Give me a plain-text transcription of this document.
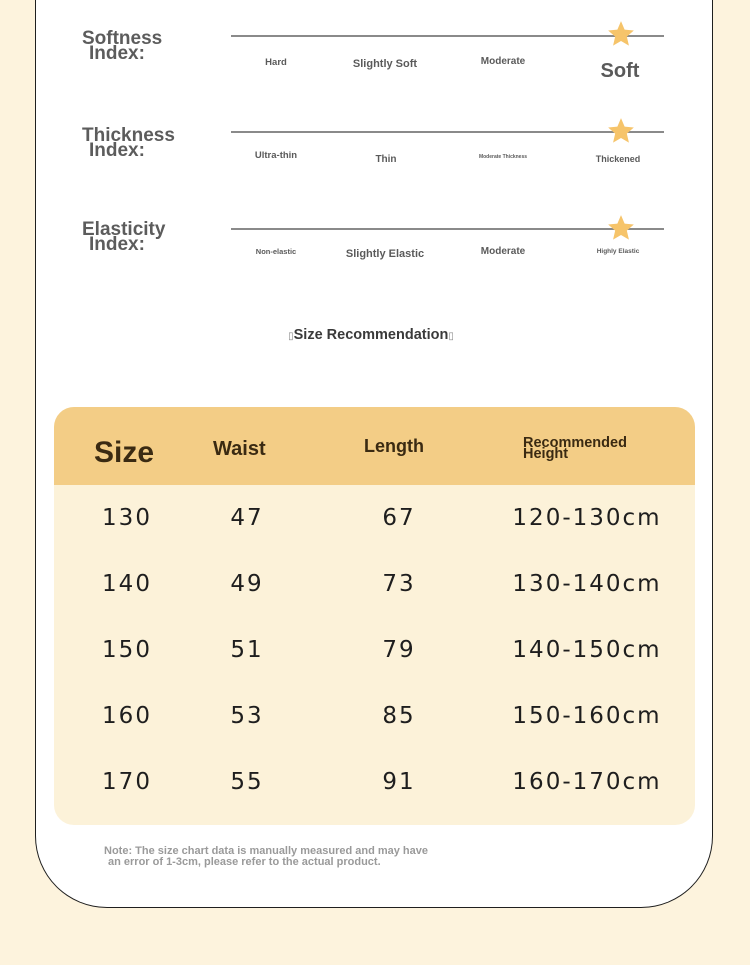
Softness
Index:	Hard	Slightly Soft	Moderate	Soft
Thickness
Index:	Ultra-thin	Thin	Moderate Thickness	Thickened
Elasticity
Index:	Non-elastic	Slightly Elastic	Moderate	Highly Elastic
▯Size Recommendation▯
Size	Waist	Length	Recommended Height
130	47	67	120-130cm
140	49	73	130-140cm
150	51	79	140-150cm
160	53	85	150-160cm
170	55	91	160-170cm
Note: The size chart data is manually measured and may have
an error of 1-3cm, please refer to the actual product.
